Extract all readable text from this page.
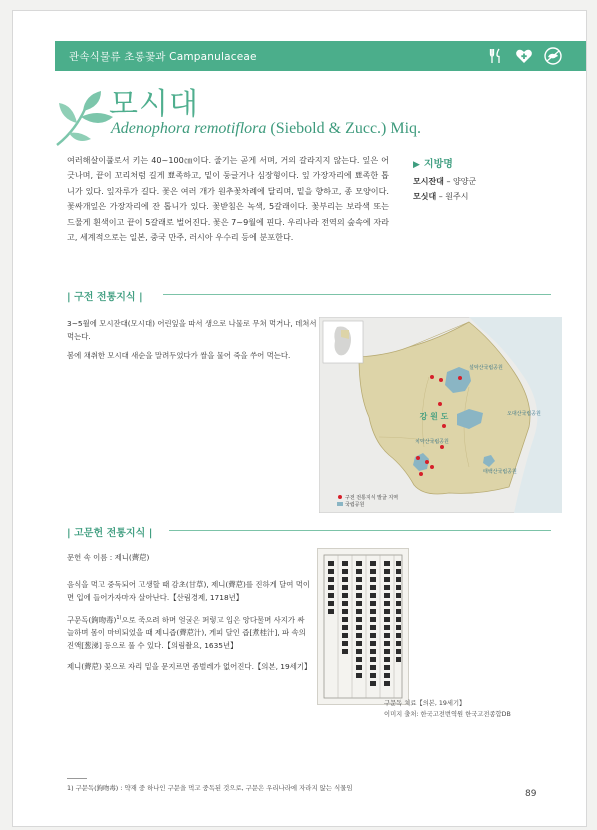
관속식물류 초롱꽃과 Campanulaceae
모시대
Adenophora remotiflora (Siebold & Zucc.) Miq.
여러해살이풀로서 키는 40~100㎝이다. 줄기는 곧게 서며, 거의 갈라지지 않는다. 잎은 어긋나며, 끝이 꼬리처럼 길게 뾰족하고, 밑이 둥글거나 심장형이다. 잎 가장자리에 뾰족한 톱니가 있다. 잎자루가 길다. 꽃은 여러 개가 원추꽃차례에 달리며, 밑을 향하고, 종 모양이다. 꽃싸개잎은 가장자리에 잔 톱니가 있다. 꽃받침은 녹색, 5갈래이다. 꽃부리는 보라색 또는 드물게 흰색이고 끝이 5갈래로 벌어진다. 꽃은 7~9월에 핀다. 우리나라 전역의 숲속에 자라고, 세계적으로는 일본, 중국 만주, 러시아 우수리 등에 분포한다.
▶ 지방명
모시잔대 – 양양군
모싯대 – 원주시
| 구전 전통지식 |
3~5월에 모시잔대(모시대) 어린잎을 따서 생으로 나물로 무쳐 먹거나, 데쳐서 먹는다.
봄에 채취한 모시대 새순을 말려두었다가 쌀을 물어 죽을 쑤어 먹는다.
강 원 도
설악산국립공원
오대산국립공원
치악산국립공원
태백산국립공원
구전 전통지식 발굴 지역
국립공원
| 고문헌 전통지식 |

문헌 속 이름 : 제니(薺苨)

음식을 먹고 중독되어 고생할 때 감초(甘草), 제니(薺苨)를 진하게 달여 먹이면 입에 들어가자마자 살아난다.【산림경제, 1718년】

구문독(鉤吻毒)$^{1)}$으로 죽으려 하며 얼굴은 퍼렇고 입은 앙다물며 사지가 싸늘하며 몸이 마비되었을 때 제니즙(薺苨汁), 게피 달인 즙[煮桂汁], 파 속의 진액[葱涕] 등으로 풀 수 있다.【의림촬요, 1635년】

제니(薺苨) 꽃으로 자리 밑을 문지르면 좀벌레가 없어진다.【의본, 19세기】

구문독 치료【의본, 19세기】
이미지 출처: 한국고전번역원 한국고전종합DB
1) 구문독(鉤吻毒) : 약재 중 하나인 구문을 먹고 중독된 것으로, 구문은 우리나라에 자라지 않는 식물임
89
